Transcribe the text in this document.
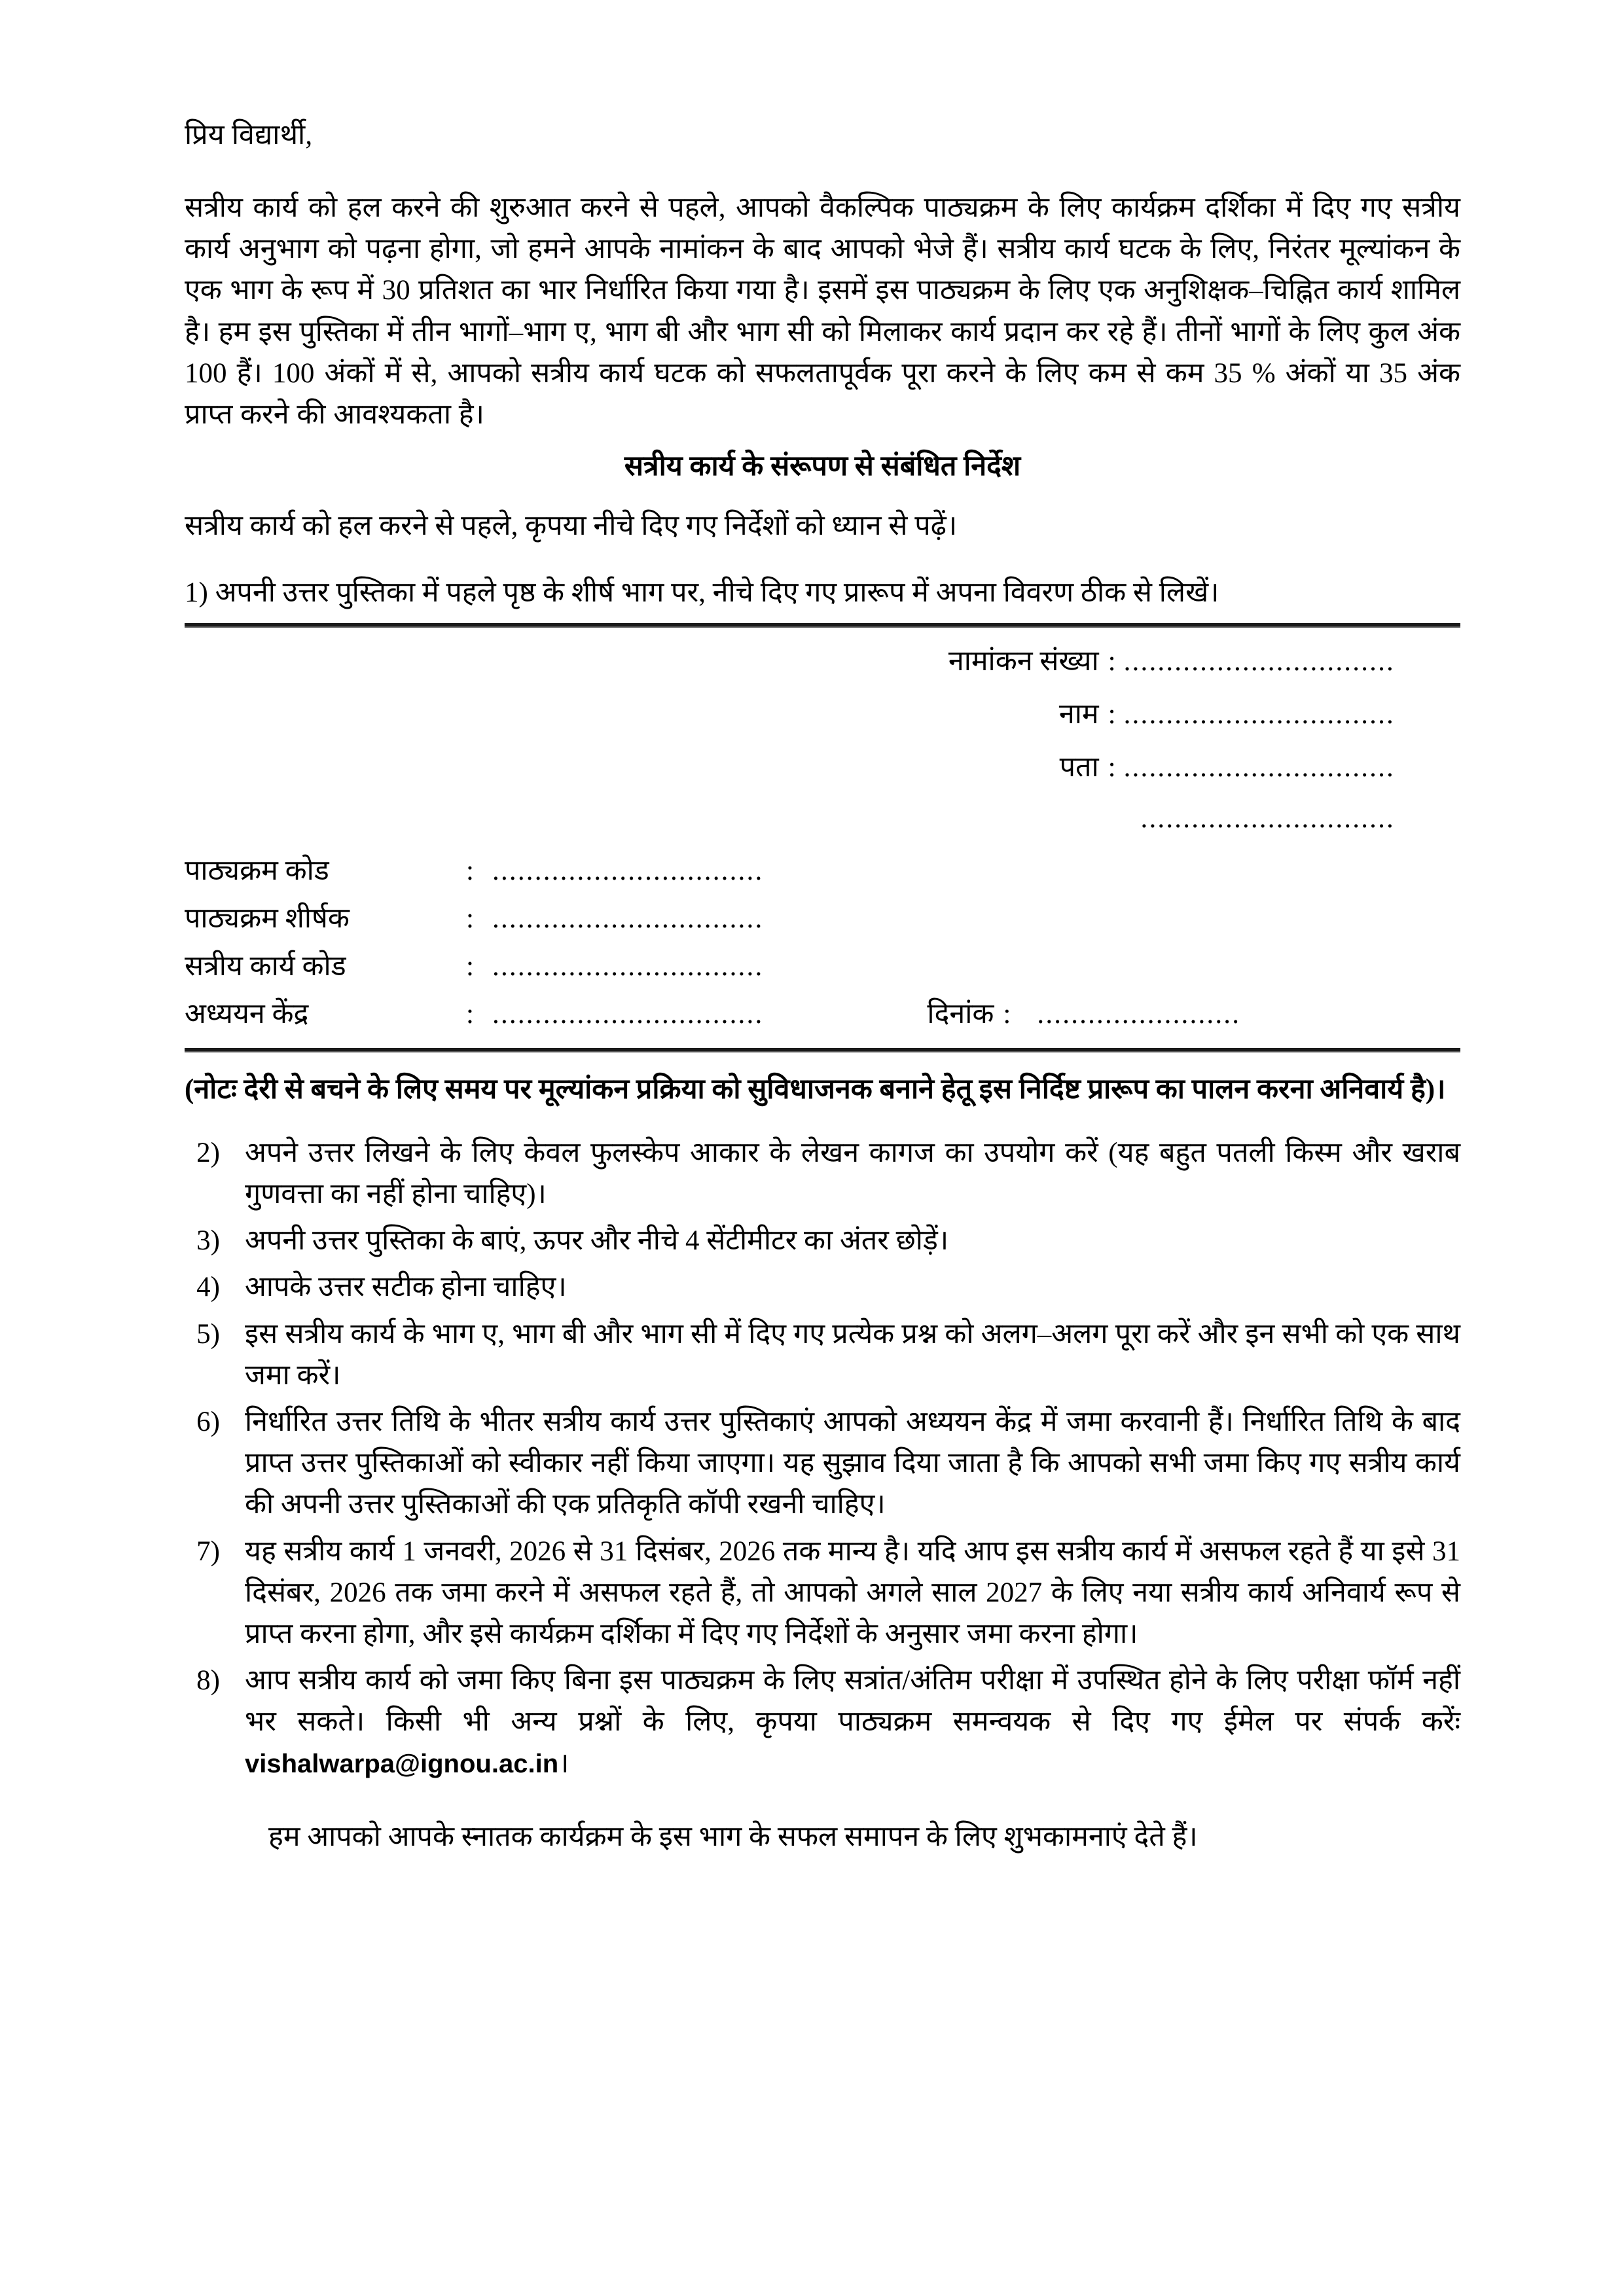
प्रिय विद्यार्थी,

सत्रीय कार्य को हल करने की शुरुआत करने से पहले, आपको वैकल्पिक पाठ्यक्रम के लिए कार्यक्रम दर्शिका में दिए गए सत्रीय कार्य अनुभाग को पढ़ना होगा, जो हमने आपके नामांकन के बाद आपको भेजे हैं। सत्रीय कार्य घटक के लिए, निरंतर मूल्यांकन के एक भाग के रूप में 30 प्रतिशत का भार निर्धारित किया गया है। इसमें इस पाठ्यक्रम के लिए एक अनुशिक्षक–चिह्नित कार्य शामिल है। हम इस पुस्तिका में तीन भागों–भाग ए, भाग बी और भाग सी को मिलाकर कार्य प्रदान कर रहे हैं। तीनों भागों के लिए कुल अंक 100 हैं। 100 अंकों में से, आपको सत्रीय कार्य घटक को सफलतापूर्वक पूरा करने के लिए कम से कम 35 % अंकों या 35 अंक प्राप्त करने की आवश्यकता है।

सत्रीय कार्य के संरूपण से संबंधित निर्देश

सत्रीय कार्य को हल करने से पहले, कृपया नीचे दिए गए निर्देशों को ध्यान से पढ़ें।

1) अपनी उत्तर पुस्तिका में पहले पृष्ठ के शीर्ष भाग पर, नीचे दिए गए प्रारूप में अपना विवरण ठीक से लिखें।

नामांकन संख्या : ................................
नाम : ................................
पता : ................................
..............................
पाठ्यक्रम कोड	: ................................
पाठ्यक्रम शीर्षक	: ................................
सत्रीय कार्य कोड	: ................................
अध्ययन केंद्र	: ................................	दिनांक : ........................

(नोटः देरी से बचने के लिए समय पर मूल्यांकन प्रक्रिया को सुविधाजनक बनाने हेतू इस निर्दिष्ट प्रारूप का पालन करना अनिवार्य है)।

2) अपने उत्तर लिखने के लिए केवल फुलस्केप आकार के लेखन कागज का उपयोग करें (यह बहुत पतली किस्म और खराब गुणवत्ता का नहीं होना चाहिए)।
3) अपनी उत्तर पुस्तिका के बाएं, ऊपर और नीचे 4 सेंटीमीटर का अंतर छोड़ें।
4) आपके उत्तर सटीक होना चाहिए।
5) इस सत्रीय कार्य के भाग ए, भाग बी और भाग सी में दिए गए प्रत्येक प्रश्न को अलग–अलग पूरा करें और इन सभी को एक साथ जमा करें।
6) निर्धारित उत्तर तिथि के भीतर सत्रीय कार्य उत्तर पुस्तिकाएं आपको अध्ययन केंद्र में जमा करवानी हैं। निर्धारित तिथि के बाद प्राप्त उत्तर पुस्तिकाओं को स्वीकार नहीं किया जाएगा। यह सुझाव दिया जाता है कि आपको सभी जमा किए गए सत्रीय कार्य की अपनी उत्तर पुस्तिकाओं की एक प्रतिकृति कॉपी रखनी चाहिए।
7) यह सत्रीय कार्य 1 जनवरी, 2026 से 31 दिसंबर, 2026 तक मान्य है। यदि आप इस सत्रीय कार्य में असफल रहते हैं या इसे 31 दिसंबर, 2026 तक जमा करने में असफल रहते हैं, तो आपको अगले साल 2027 के लिए नया सत्रीय कार्य अनिवार्य रूप से प्राप्त करना होगा, और इसे कार्यक्रम दर्शिका में दिए गए निर्देशों के अनुसार जमा करना होगा।
8) आप सत्रीय कार्य को जमा किए बिना इस पाठ्यक्रम के लिए सत्रांत/अंतिम परीक्षा में उपस्थित होने के लिए परीक्षा फॉर्म नहीं भर सकते। किसी भी अन्य प्रश्नों के लिए, कृपया पाठ्यक्रम समन्वयक से दिए गए ईमेल पर संपर्क करेंः vishalwarpa@ignou.ac.in।

हम आपको आपके स्नातक कार्यक्रम के इस भाग के सफल समापन के लिए शुभकामनाएं देते हैं।
